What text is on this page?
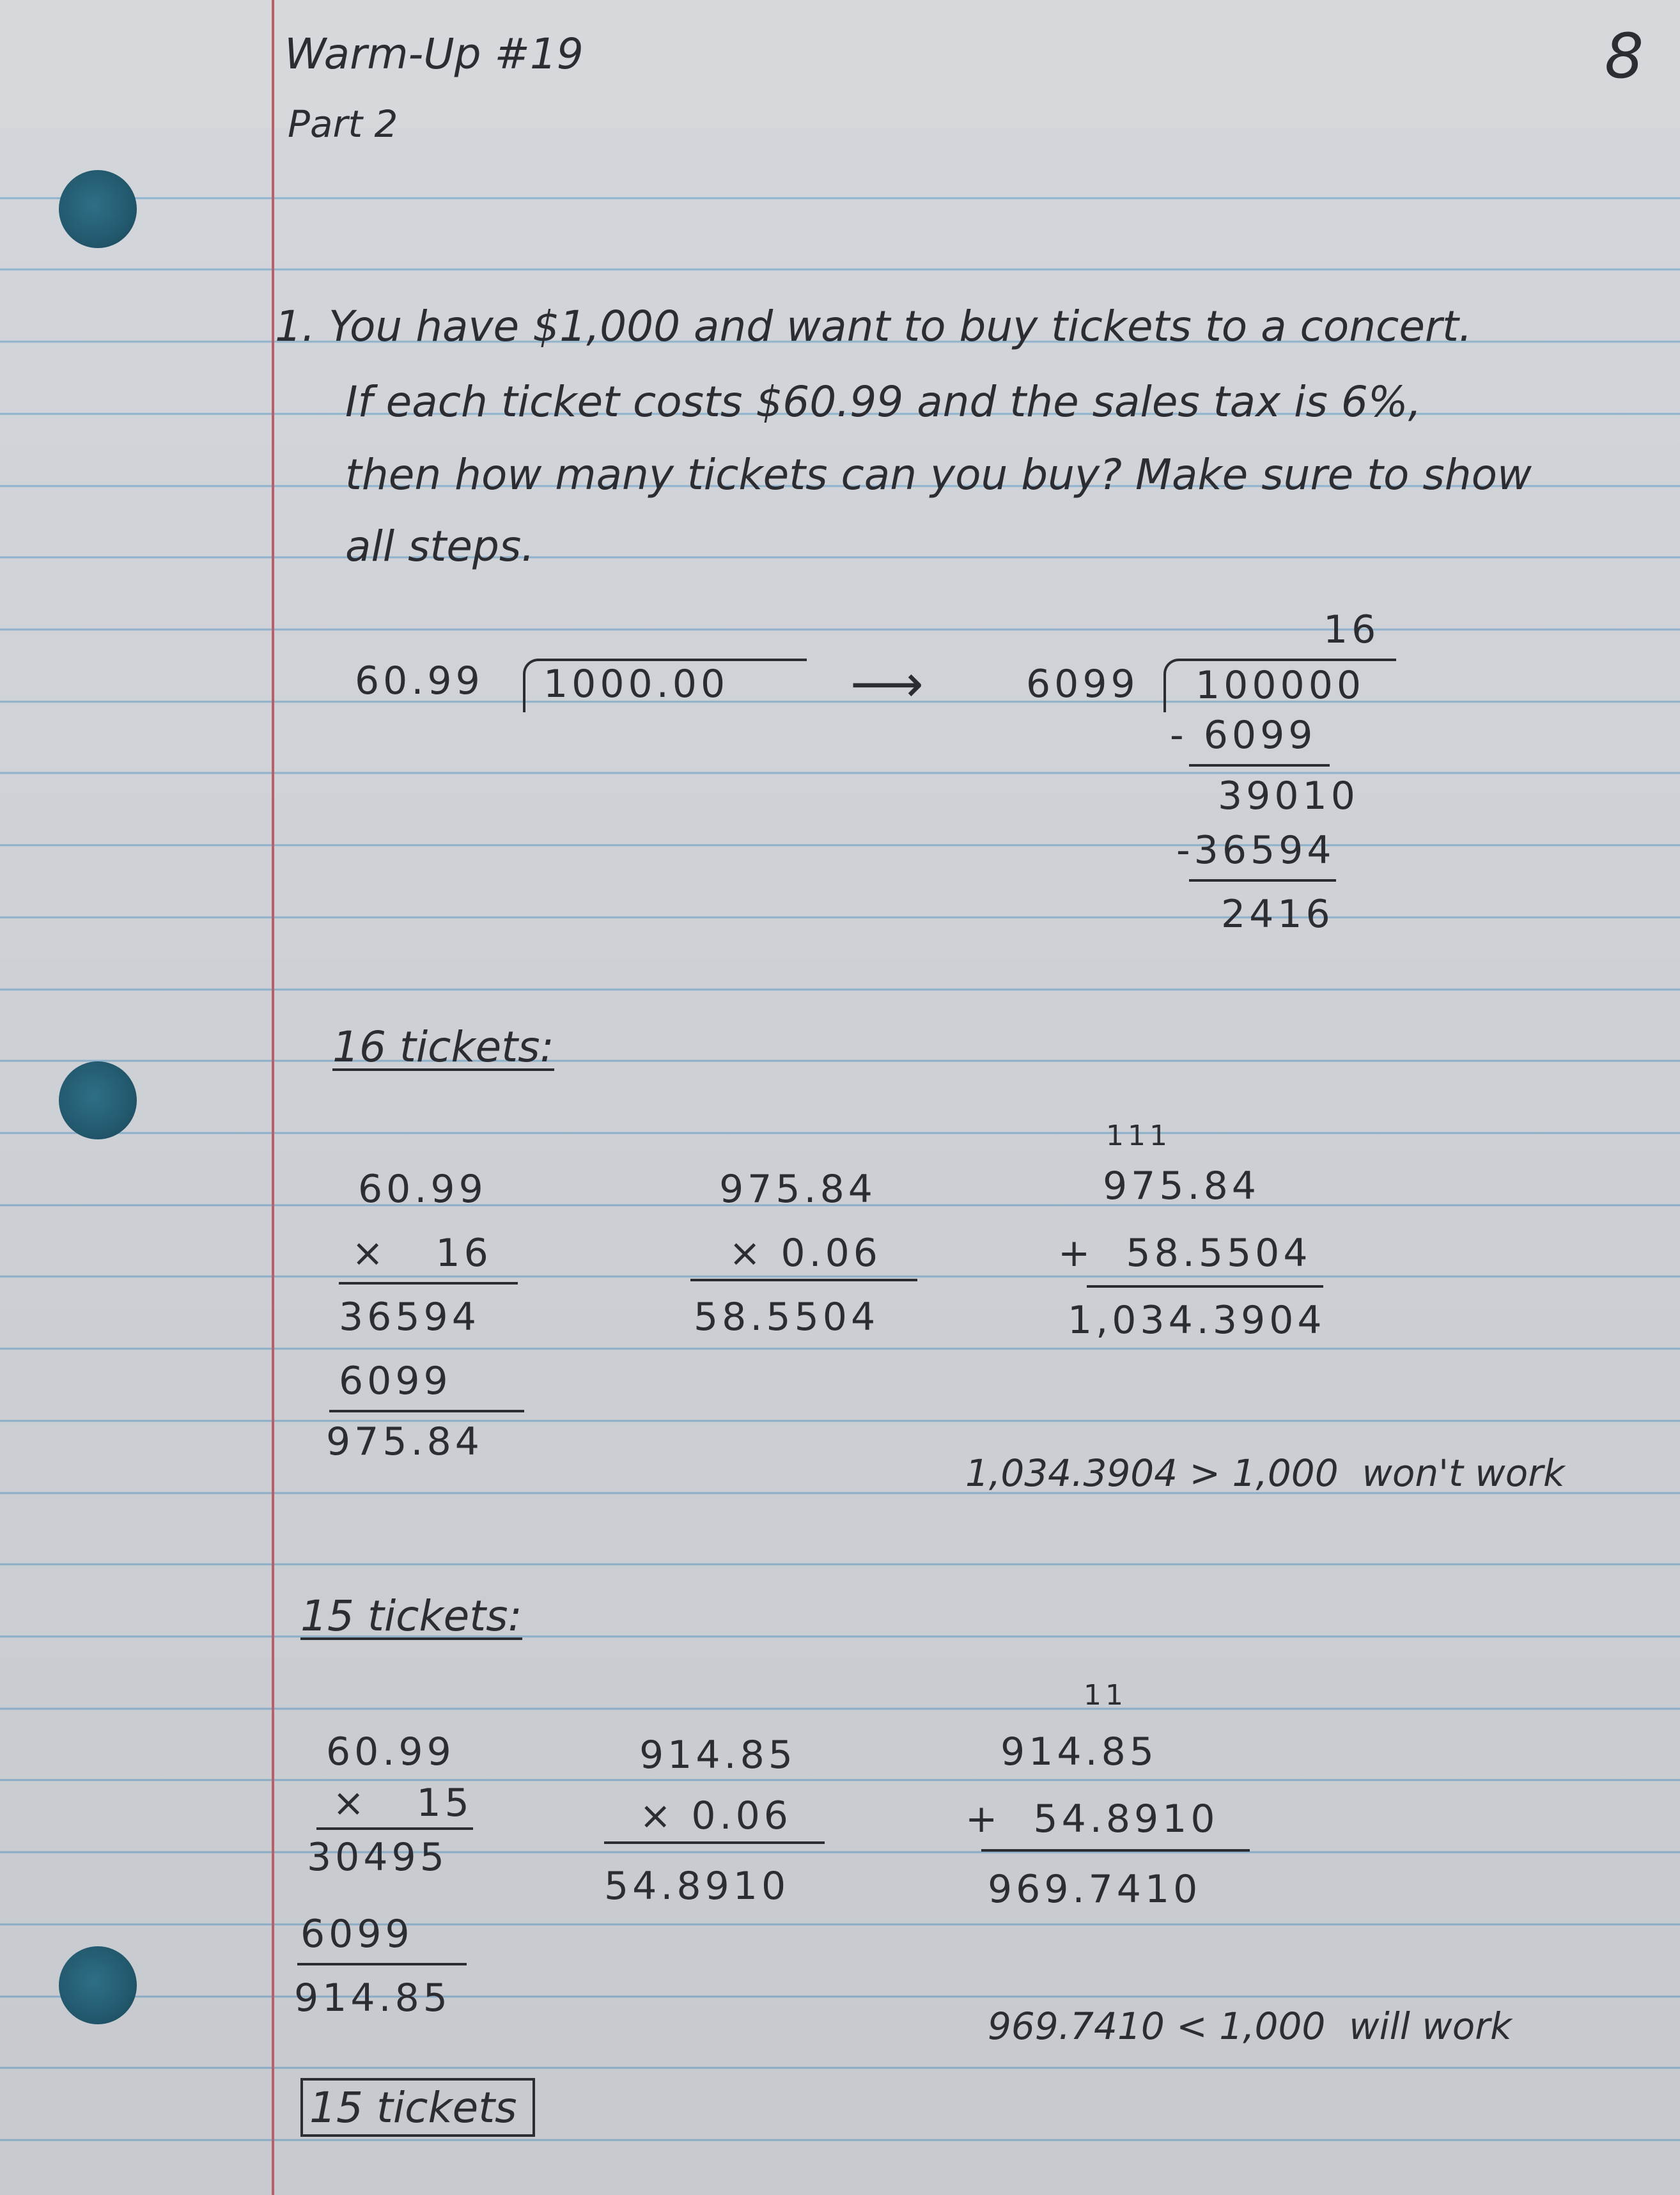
Warm-Up #19
Part 2
8
1. You have $1,000 and want to buy tickets to a concert.
If each ticket costs $60.99 and the sales tax is 6%,
then how many tickets can you buy? Make sure to show
all steps.
60.99 1000.00 ⟶
16
6099 100000
- 6099
39010
-36594
2416
16 tickets:
60.99
×   16
36594
6099
975.84
975.84
× 0.06
58.5504
111
975.84
+  58.5504
1,034.3904
1,034.3904 > 1,000  won't work
15 tickets:
60.99
×   15
30495
6099
914.85
914.85
× 0.06
54.8910
11
914.85
+  54.8910
969.7410
969.7410 < 1,000  will work
15 tickets
